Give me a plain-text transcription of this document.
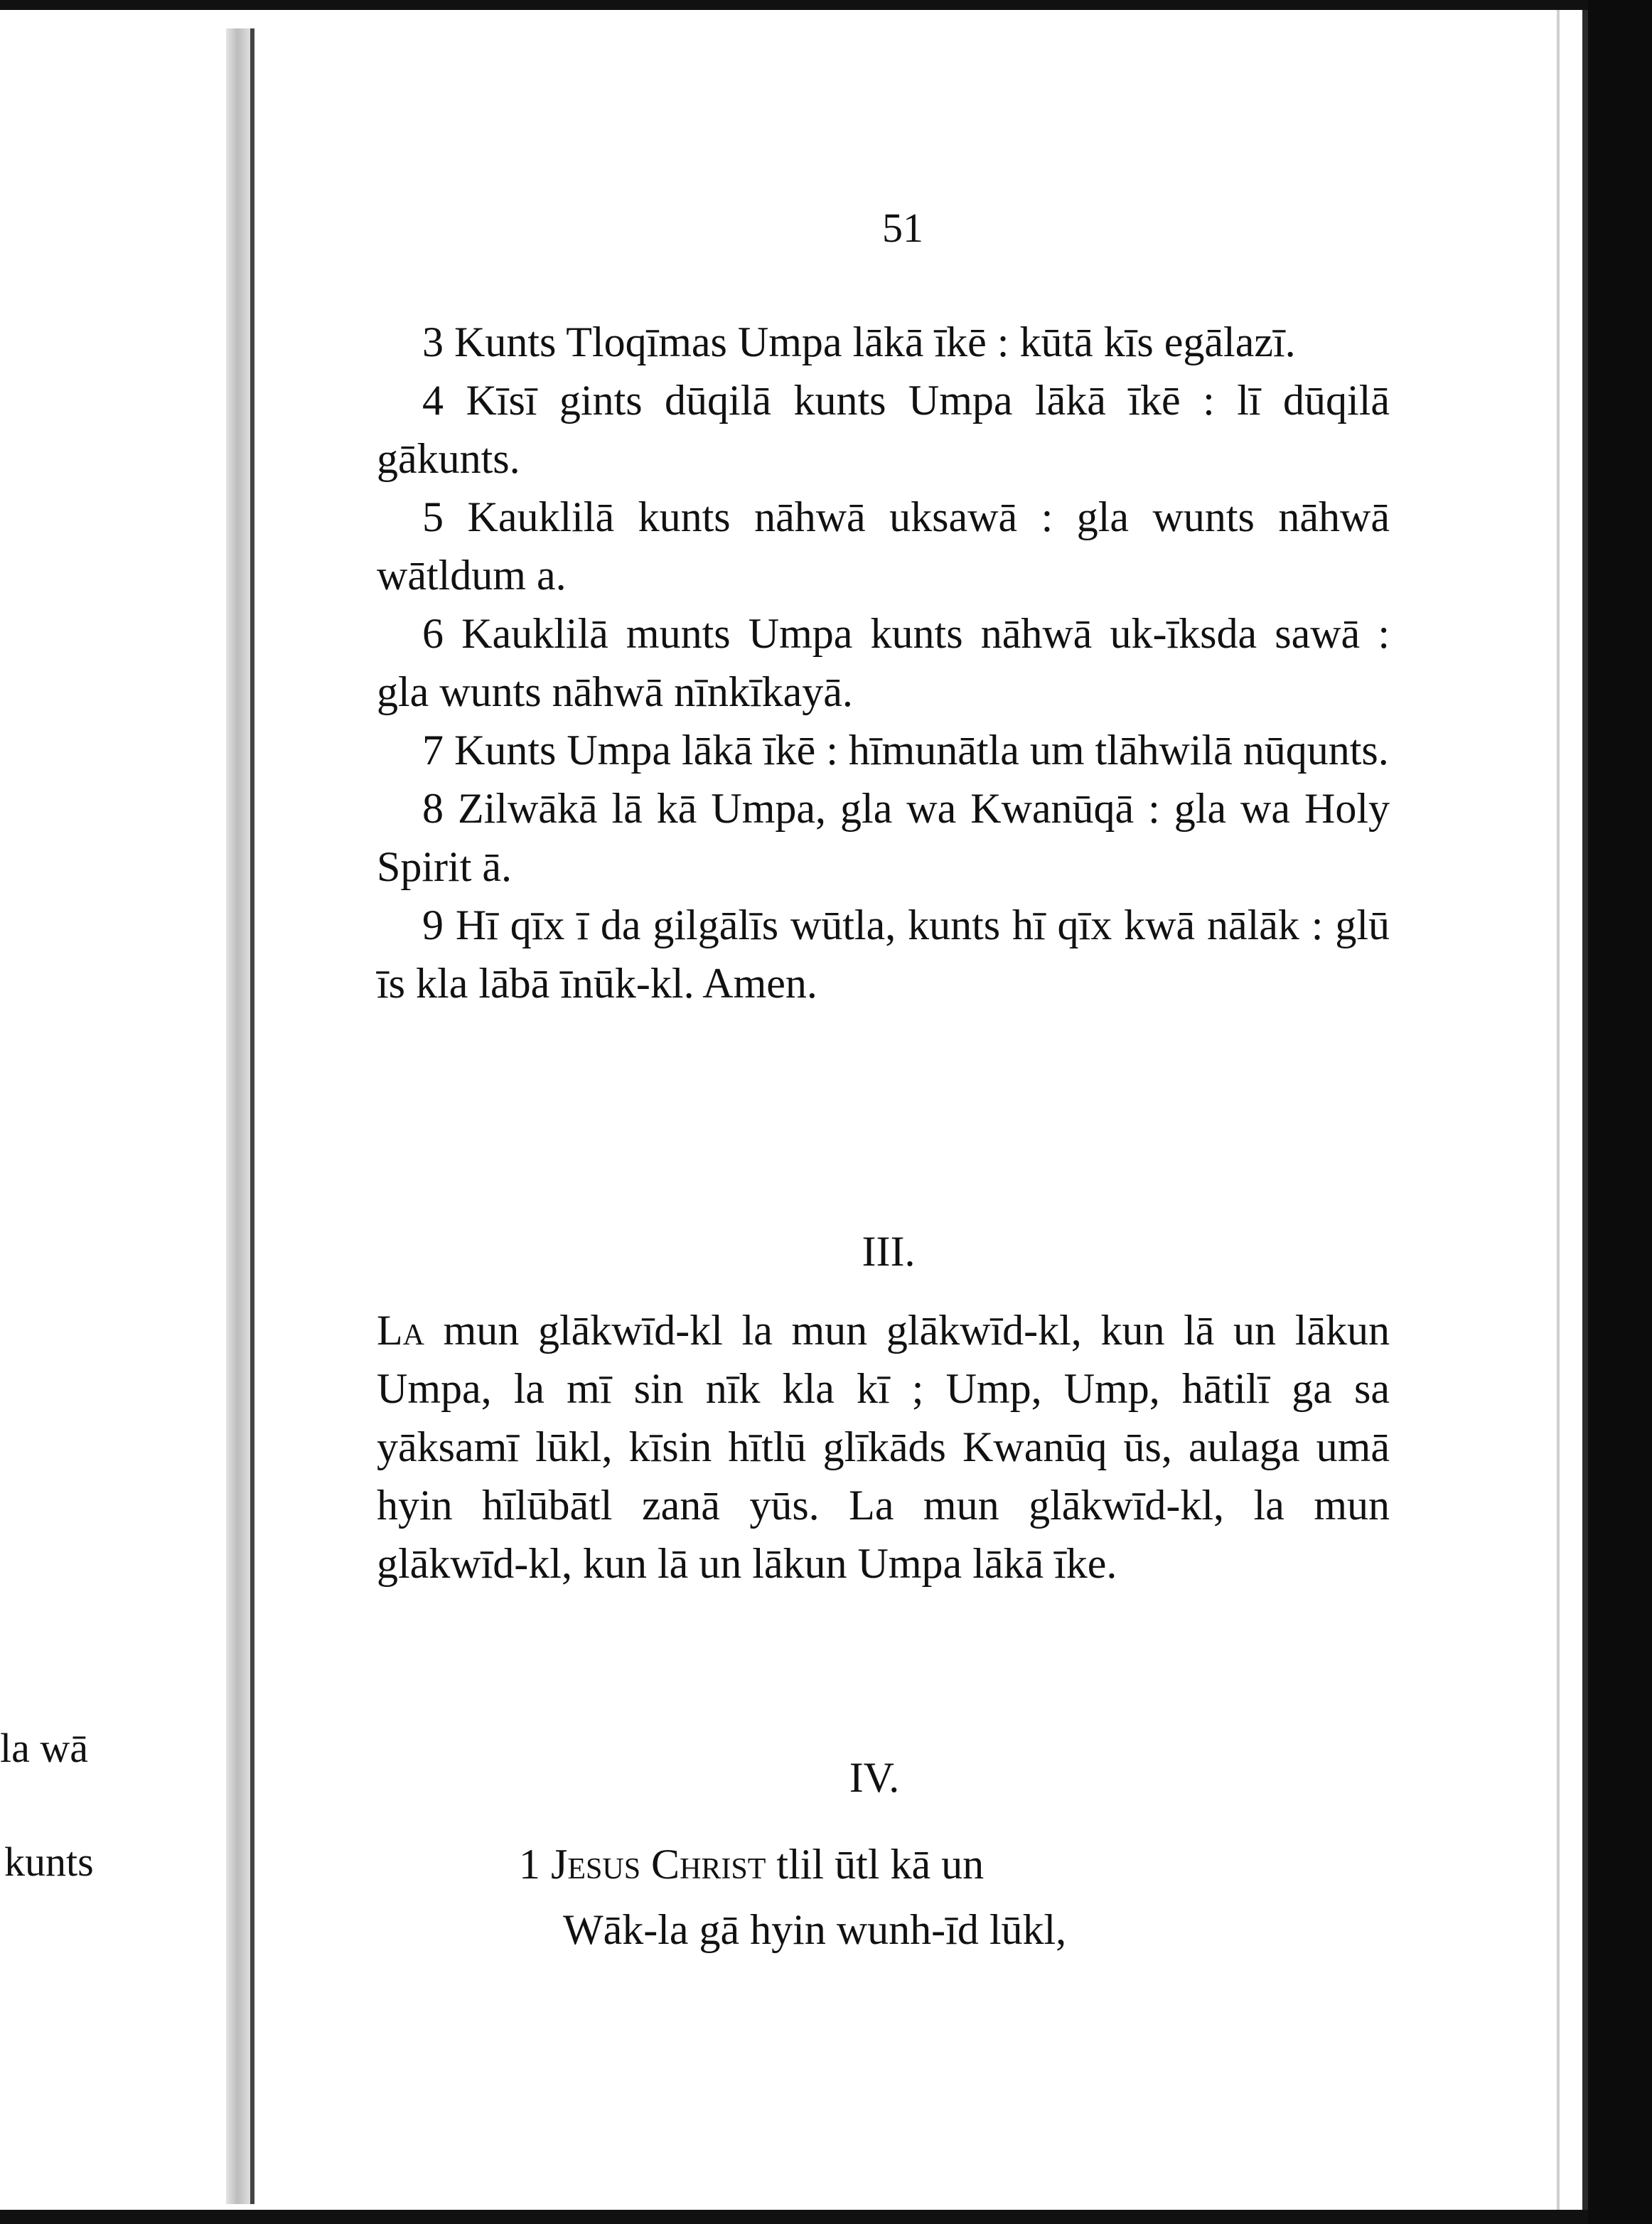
la wā
kunts
51

3 Kunts Tloqīmas Umpa lākā īkē : kūtā kīs egālazī.

4 Kīsī gints dūqilā kunts Umpa lākā īkē : lī dūqilā gākunts.

5 Kauklilā kunts nāhwā uksawā : gla wunts nāhwā wātldum a.

6 Kauklilā munts Umpa kunts nāhwā uk-īksda sawā : gla wunts nāhwā nīnkīkayā.

7 Kunts Umpa lākā īkē : hīmunātla um tlāhwilā nūqunts.

8 Zilwākā lā kā Umpa, gla wa Kwanūqā : gla wa Holy Spirit ā.

9 Hī qīx ī da gilgālīs wūtla, kunts hī qīx kwā nālāk : glū īs kla lābā īnūk-kl. Amen.

III.

La mun glākwīd-kl la mun glākwīd-kl, kun lā un lākun Umpa, la mī sin nīk kla kī ; Ump, Ump, hātilī ga sa yāksamī lūkl, kīsin hītlū glīkāds Kwanūq ūs, aulaga umā hyin hīlūbātl zanā yūs. La mun glākwīd-kl, la mun glākwīd-kl, kun lā un lākun Umpa lākā īke.

IV.
1 Jesus Christ tlil ūtl kā un
Wāk-la gā hyin wunh-īd lūkl,
